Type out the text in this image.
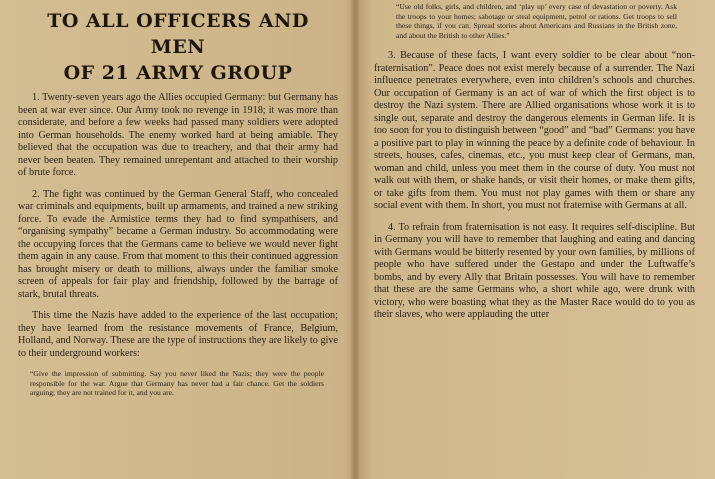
TO ALL OFFICERS AND MEN
OF 21 ARMY GROUP

1. Twenty-seven years ago the Allies occupied Germany: but Germany has been at war ever since. Our Army took no revenge in 1918; it was more than considerate, and before a few weeks had passed many soldiers were adopted into German households. The enemy worked hard at being amiable. They believed that the occupation was due to treachery, and that their army had never been beaten. They remained unrepentant and attached to their worship of brute force.

2. The fight was continued by the German General Staff, who concealed war criminals and equipments, built up armaments, and trained a new striking force. To evade the Armistice terms they had to find sympathisers, and “organising sympathy” became a German industry. So accommodating were the occupying forces that the Germans came to believe we would never fight them again in any cause. From that moment to this their continued aggression has brought misery or death to millions, always under the familiar smoke screen of appeals for fair play and friendship, followed by the barrage of stark, brutal threats.

This time the Nazis have added to the experience of the last occupation; they have learned from the resistance movements of France, Belgium, Holland, and Norway. These are the type of instructions they are likely to give to their underground workers:

“Give the impression of submitting. Say you never liked the Nazis; they were the people responsible for the war. Argue that Germany has never had a fair chance. Get the soldiers arguing; they are not trained for it, and you are.

“Use old folks, girls, and children, and ‘play up’ every case of devastation or poverty. Ask the troops to your homes; sabotage or steal equipment, petrol or rations. Get troops to sell these things, if you can. Spread stories about Americans and Russians in the British zone, and about the British to other Allies.”

3. Because of these facts, I want every soldier to be clear about “non-fraternisation”. Peace does not exist merely because of a surrender. The Nazi influence penetrates everywhere, even into children’s schools and churches. Our occupation of Germany is an act of war of which the first object is to destroy the Nazi system. There are Allied organisations whose work it is to single out, separate and destroy the dangerous elements in German life. It is too soon for you to distinguish between “good” and “bad” Germans: you have a positive part to play in winning the peace by a definite code of behaviour. In streets, houses, cafes, cinemas, etc., you must keep clear of Germans, man, woman and child, unless you meet them in the course of duty. You must not walk out with them, or shake hands, or visit their homes, or make them gifts, or take gifts from them. You must not play games with them or share any social event with them. In short, you must not fraternise with Germans at all.

4. To refrain from fraternisation is not easy. It requires self-discipline. But in Germany you will have to remember that laughing and eating and dancing with Germans would be bitterly resented by your own families, by millions of people who have suffered under the Gestapo and under the Luftwaffe’s bombs, and by every Ally that Britain possesses. You will have to remember that these are the same Germans who, a short while ago, were drunk with victory, who were boasting what they as the Master Race would do to you as their slaves, who were applauding the utter
